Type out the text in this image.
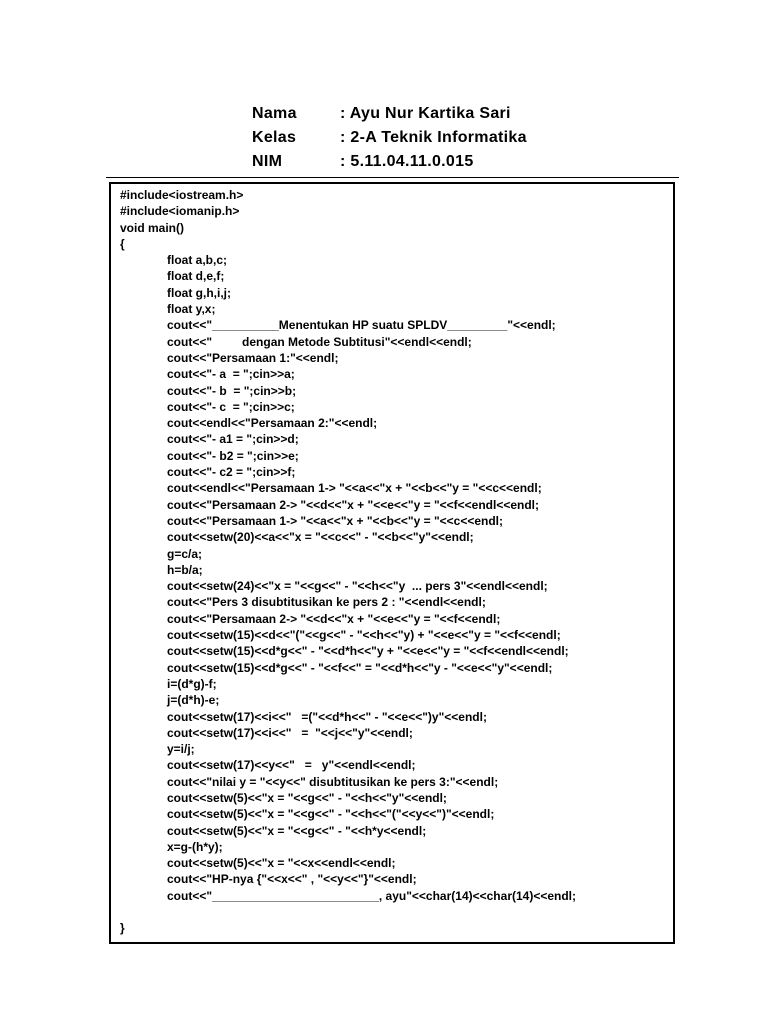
Nama	: Ayu Nur Kartika Sari
Kelas	: 2-A Teknik Informatika
NIM	: 5.11.04.11.0.015
#include<iostream.h>
#include<iomanip.h>
void main()
{
float a,b,c;
float d,e,f;
float g,h,i,j;
float y,x;
cout<<"__________Menentukan HP suatu SPLDV_________"<<endl;
cout<<"         dengan Metode Subtitusi"<<endl<<endl;
cout<<"Persamaan 1:"<<endl;
cout<<"- a  = ";cin>>a;
cout<<"- b  = ";cin>>b;
cout<<"- c  = ";cin>>c;
cout<<endl<<"Persamaan 2:"<<endl;
cout<<"- a1 = ";cin>>d;
cout<<"- b2 = ";cin>>e;
cout<<"- c2 = ";cin>>f;
cout<<endl<<"Persamaan 1-> "<<a<<"x + "<<b<<"y = "<<c<<endl;
cout<<"Persamaan 2-> "<<d<<"x + "<<e<<"y = "<<f<<endl<<endl;
cout<<"Persamaan 1-> "<<a<<"x + "<<b<<"y = "<<c<<endl;
cout<<setw(20)<<a<<"x = "<<c<<" - "<<b<<"y"<<endl;
g=c/a;
h=b/a;
cout<<setw(24)<<"x = "<<g<<" - "<<h<<"y  ... pers 3"<<endl<<endl;
cout<<"Pers 3 disubtitusikan ke pers 2 : "<<endl<<endl;
cout<<"Persamaan 2-> "<<d<<"x + "<<e<<"y = "<<f<<endl;
cout<<setw(15)<<d<<"("<<g<<" - "<<h<<"y) + "<<e<<"y = "<<f<<endl;
cout<<setw(15)<<d*g<<" - "<<d*h<<"y + "<<e<<"y = "<<f<<endl<<endl;
cout<<setw(15)<<d*g<<" - "<<f<<" = "<<d*h<<"y - "<<e<<"y"<<endl;
i=(d*g)-f;
j=(d*h)-e;
cout<<setw(17)<<i<<"   =("<<d*h<<" - "<<e<<")y"<<endl;
cout<<setw(17)<<i<<"   =  "<<j<<"y"<<endl;
y=i/j;
cout<<setw(17)<<y<<"   =   y"<<endl<<endl;
cout<<"nilai y = "<<y<<" disubtitusikan ke pers 3:"<<endl;
cout<<setw(5)<<"x = "<<g<<" - "<<h<<"y"<<endl;
cout<<setw(5)<<"x = "<<g<<" - "<<h<<"("<<y<<")"<<endl;
cout<<setw(5)<<"x = "<<g<<" - "<<h*y<<endl;
x=g-(h*y);
cout<<setw(5)<<"x = "<<x<<endl<<endl;
cout<<"HP-nya {"<<x<<" , "<<y<<"}"<<endl;
cout<<"_________________________, ayu"<<char(14)<<char(14)<<endl;
}
